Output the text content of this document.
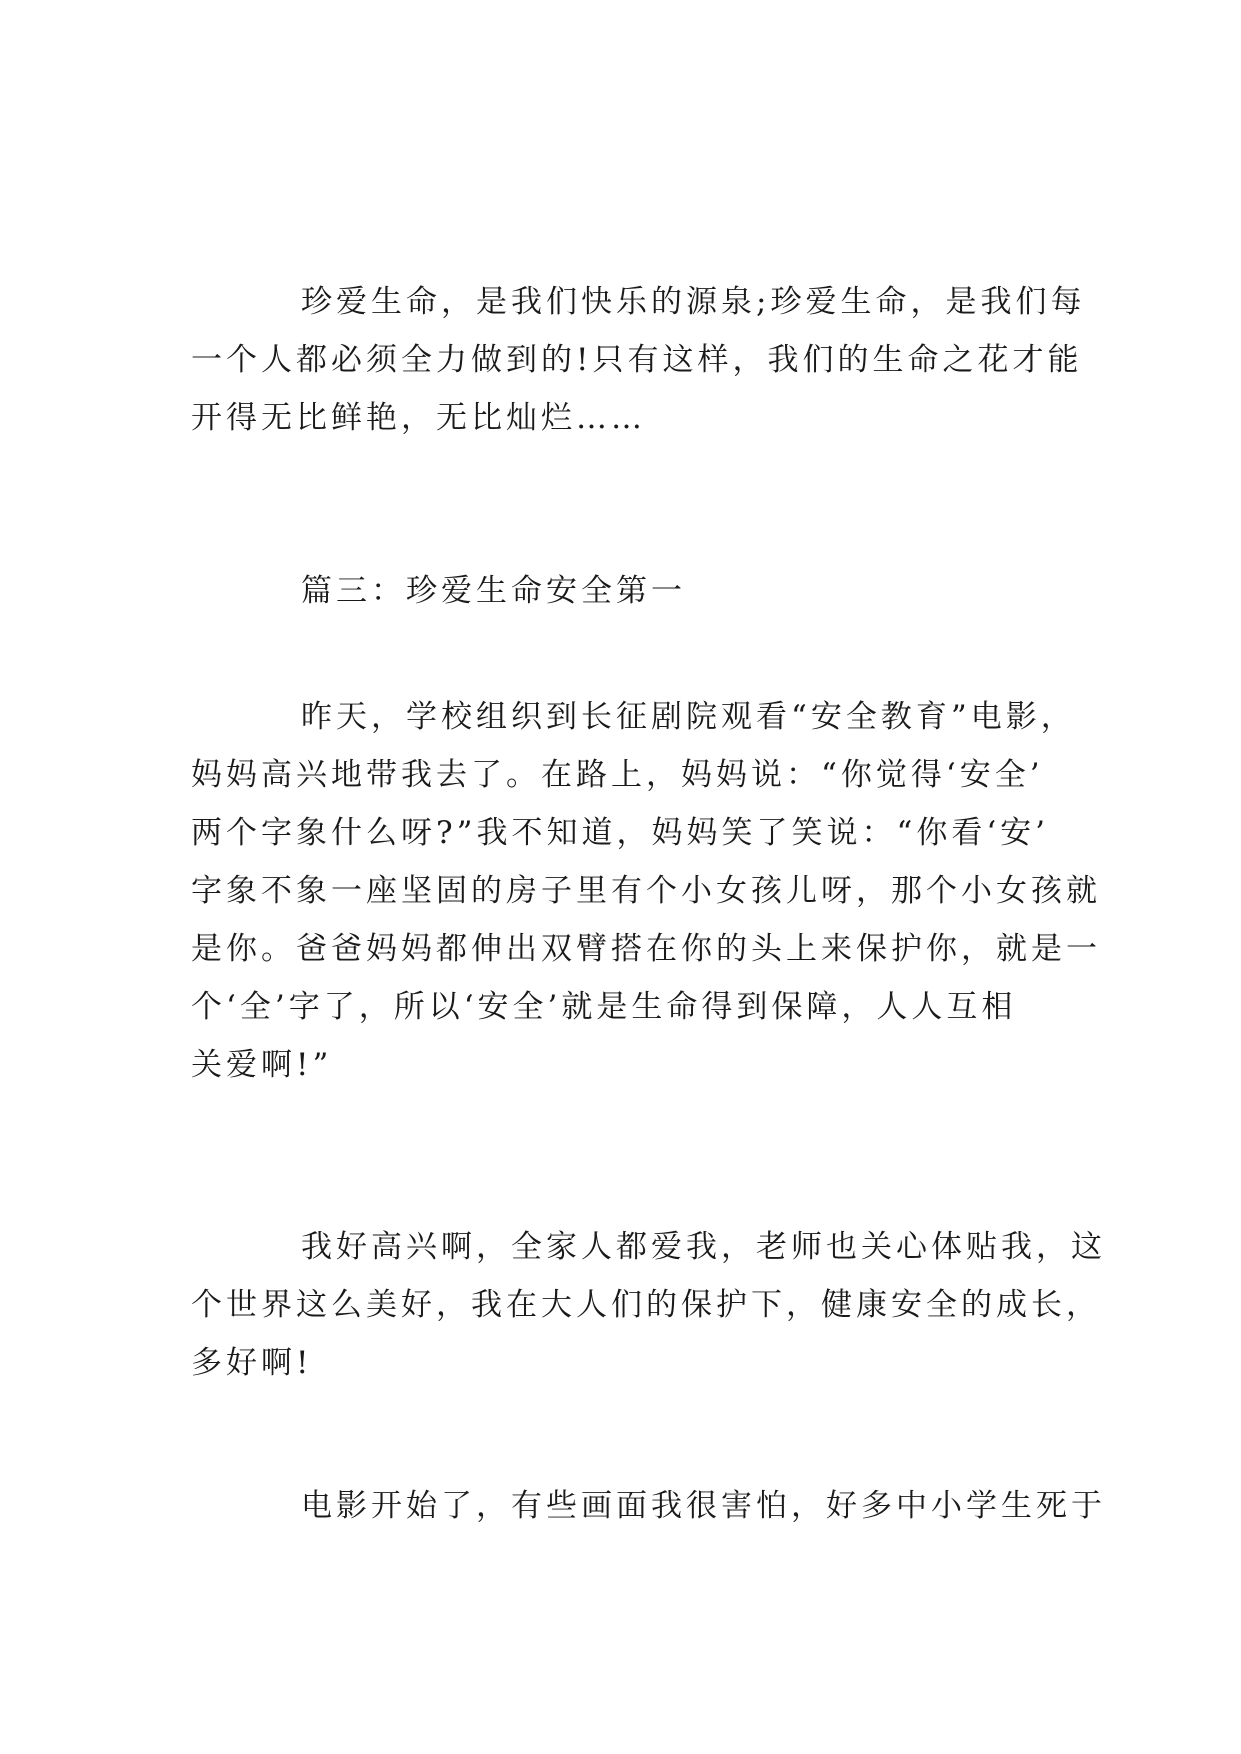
珍爱生命，是我们快乐的源泉;珍爱生命，是我们每
一个人都必须全力做到的!只有这样，我们的生命之花才能
开得无比鲜艳，无比灿烂……

篇三：珍爱生命安全第一

昨天，学校组织到长征剧院观看“安全教育”电影，
妈妈高兴地带我去了。在路上，妈妈说：“你觉得‘安全’
两个字象什么呀?”我不知道，妈妈笑了笑说：“你看‘安’
字象不象一座坚固的房子里有个小女孩儿呀，那个小女孩就
是你。爸爸妈妈都伸出双臂搭在你的头上来保护你，就是一
个‘全’字了，所以‘安全’就是生命得到保障，人人互相
关爱啊!”

我好高兴啊，全家人都爱我，老师也关心体贴我，这
个世界这么美好，我在大人们的保护下，健康安全的成长，
多好啊!

电影开始了，有些画面我很害怕，好多中小学生死于
